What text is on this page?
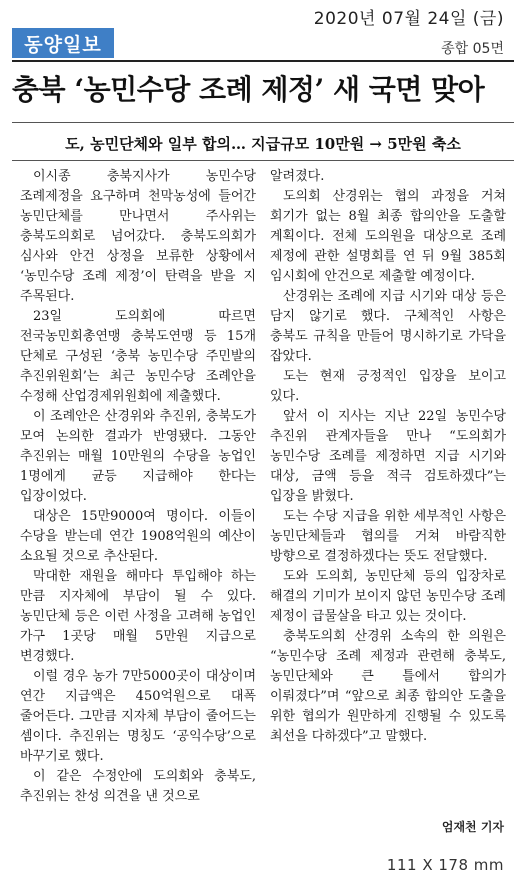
2020년 07월 24일 (금)
동양일보	종합 05면
충북 ‘농민수당 조례 제정’ 새 국면 맞아
도, 농민단체와 일부 합의… 지급규모 10만원 → 5만원 축소

이시종 충북지사가 농민수당 조례제정을 요구하며 천막농성에 들어간 농민단체를 만나면서 주사위는 충북도의회로 넘어갔다. 충북도의회가 심사와 안건 상정을 보류한 상황에서 ‘농민수당 조례 제정’이 탄력을 받을 지 주목된다.

23일 도의회에 따르면 전국농민회총연맹 충북도연맹 등 15개 단체로 구성된 ‘충북 농민수당 주민발의 추진위원회’는 최근 농민수당 조례안을 수정해 산업경제위원회에 제출했다.

이 조례안은 산경위와 추진위, 충북도가 모여 논의한 결과가 반영됐다. 그동안 추진위는 매월 10만원의 수당을 농업인 1명에게 균등 지급해야 한다는 입장이었다.

대상은 15만9000여 명이다. 이들이 수당을 받는데 연간 1908억원의 예산이 소요될 것으로 추산된다.

막대한 재원을 해마다 투입해야 하는 만큼 지자체에 부담이 될 수 있다. 농민단체 등은 이런 사정을 고려해 농업인 가구 1곳당 매월 5만원 지급으로 변경했다.

이럴 경우 농가 7만5000곳이 대상이며 연간 지급액은 450억원으로 대폭 줄어든다. 그만큼 지자체 부담이 줄어드는 셈이다. 추진위는 명칭도 ‘공익수당’으로 바꾸기로 했다.

이 같은 수정안에 도의회와 충북도, 추진위는 찬성 의견을 낸 것으로

알려졌다.

도의회 산경위는 협의 과정을 거쳐 회기가 없는 8월 최종 합의안을 도출할 계획이다. 전체 도의원을 대상으로 조례 제정에 관한 설명회를 연 뒤 9월 385회 임시회에 안건으로 제출할 예정이다.

산경위는 조례에 지급 시기와 대상 등은 담지 않기로 했다. 구체적인 사항은 충북도 규칙을 만들어 명시하기로 가닥을 잡았다.

도는 현재 긍정적인 입장을 보이고 있다.

앞서 이 지사는 지난 22일 농민수당 추진위 관계자들을 만나 “도의회가 농민수당 조례를 제정하면 지급 시기와 대상, 금액 등을 적극 검토하겠다”는 입장을 밝혔다.

도는 수당 지급을 위한 세부적인 사항은 농민단체들과 협의를 거쳐 바람직한 방향으로 결정하겠다는 뜻도 전달했다.

도와 도의회, 농민단체 등의 입장차로 해결의 기미가 보이지 않던 농민수당 조례 제정이 급물살을 타고 있는 것이다.

충북도의회 산경위 소속의 한 의원은 “농민수당 조례 제정과 관련해 충북도, 농민단체와 큰 틀에서 합의가 이뤄졌다”며 “앞으로 최종 합의안 도출을 위한 협의가 원만하게 진행될 수 있도록 최선을 다하겠다”고 말했다.

엄재천 기자
111 X 178 mm
